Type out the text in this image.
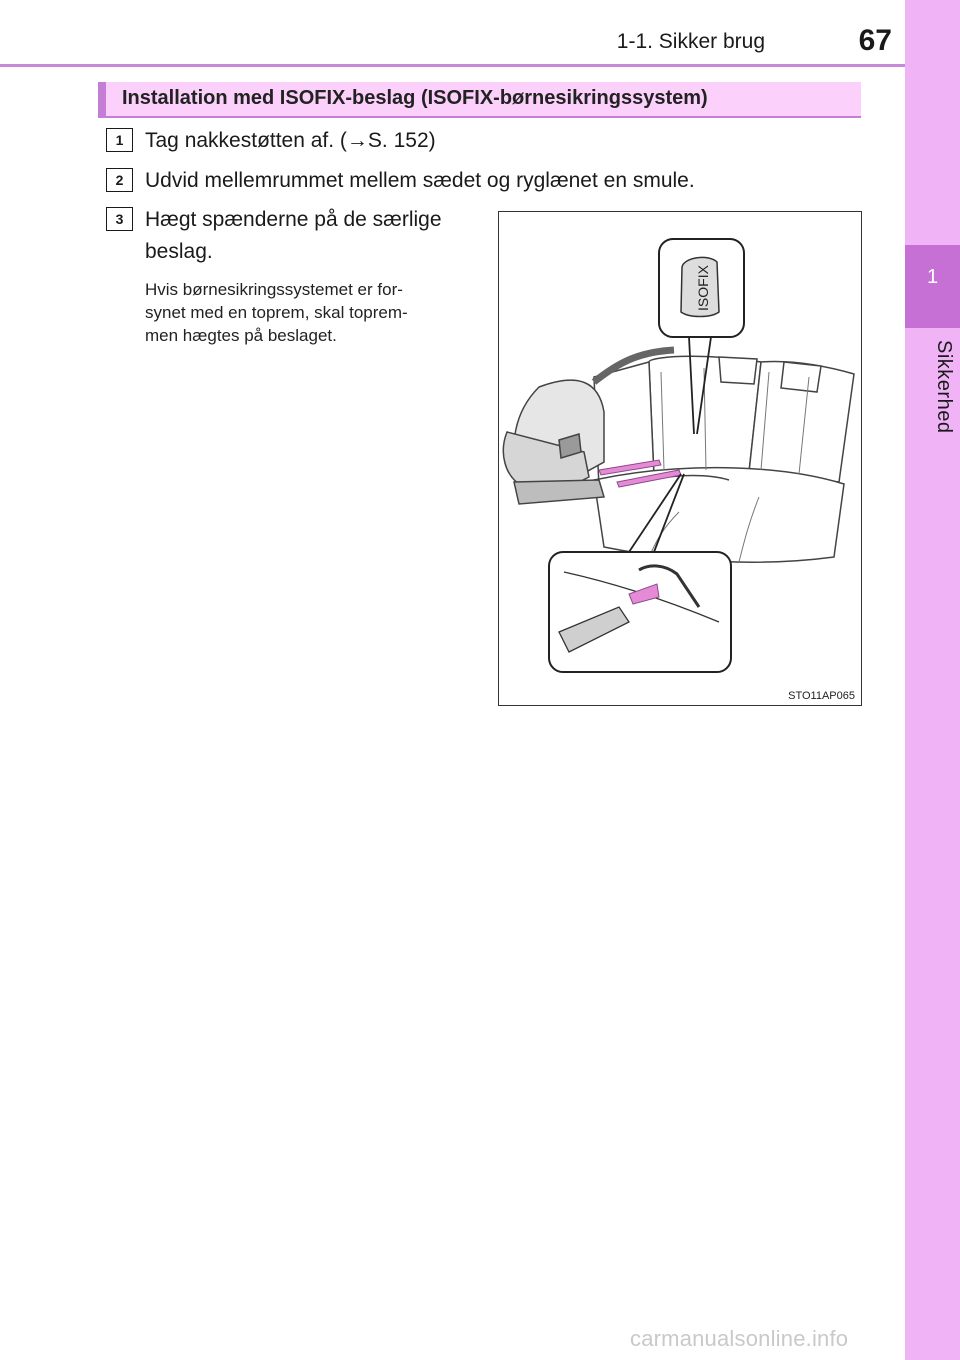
1-1. Sikker brug	67
1
Sikkerhed
Installation med ISOFIX-beslag (ISOFIX-børnesikringssystem)
1	Tag nakkestøtten af. (→S. 152)
2	Udvid mellemrummet mellem sædet og ryglænet en smule.
3	Hægt spænderne på de særlige
beslag.
Hvis børnesikringssystemet er for-
synet med en toprem, skal toprem-
men hægtes på beslaget.
ISOFIX
STO11AP065
carmanualsonline.info
